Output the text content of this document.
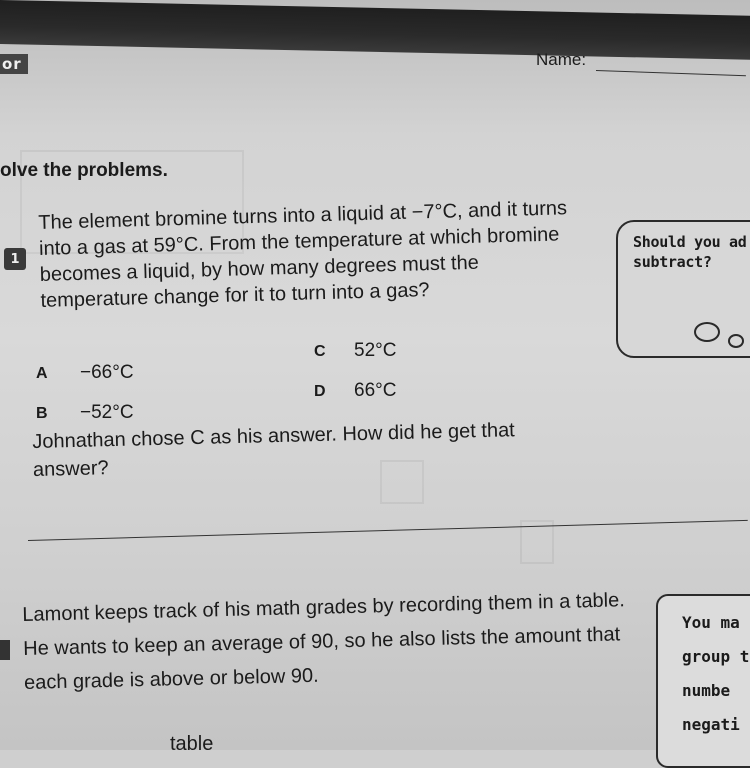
or	Name:
olve the problems.
1
The element bromine turns into a liquid at −7°C, and it turns into a gas at 59°C. From the temperature at which bromine becomes a liquid, by how many degrees must the temperature change for it to turn into a gas?
A −66°C
B −52°C
C 52°C
D 66°C
Johnathan chose C as his answer. How did he get that answer?
Should you ad subtract?
Lamont keeps track of his math grades by recording them in a table. He wants to keep an average of 90, so he also lists the amount that each grade is above or below 90.
table
You ma group t numbe negati
